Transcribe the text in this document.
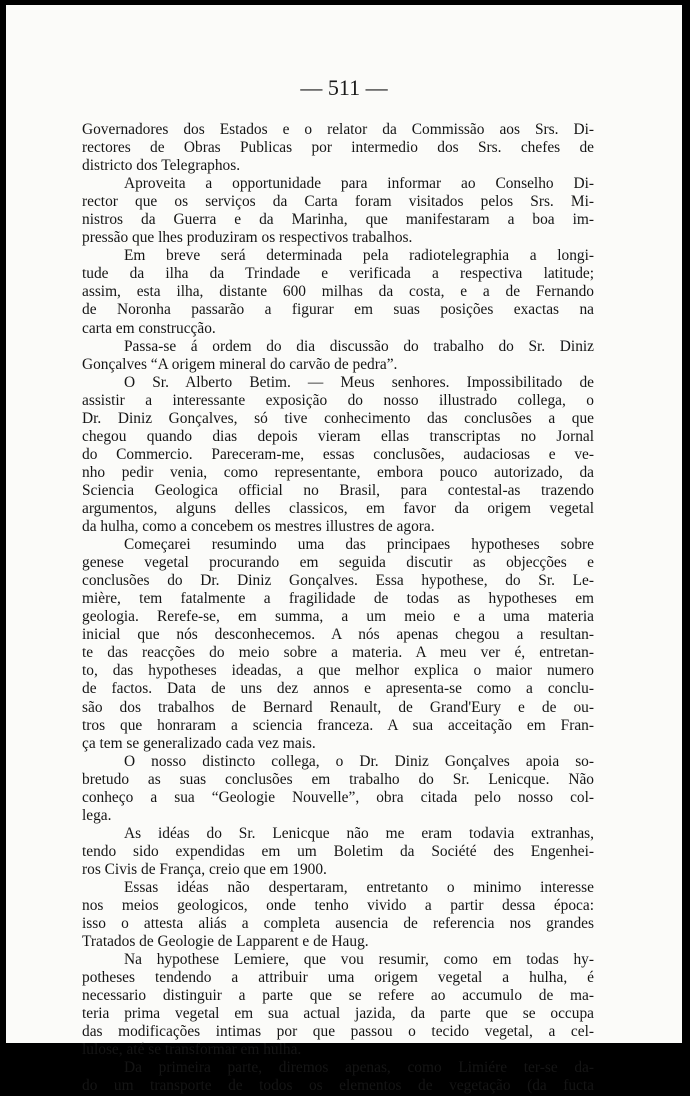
— 511 —
Governadores dos Estados e o relator da Commissão aos Srs. Di-
rectores de Obras Publicas por intermedio dos Srs. chefes de
districto dos Telegraphos.
Aproveita a opportunidade para informar ao Conselho Di-
rector que os serviços da Carta foram visitados pelos Srs. Mi-
nistros da Guerra e da Marinha, que manifestaram a boa im-
pressão que lhes produziram os respectivos trabalhos.
Em breve será determinada pela radiotelegraphia a longi-
tude da ilha da Trindade e verificada a respectiva latitude;
assim, esta ilha, distante 600 milhas da costa, e a de Fernando
de Noronha passarão a figurar em suas posições exactas na
carta em construcção.
Passa-se á ordem do dia discussão do trabalho do Sr. Diniz
Gonçalves “A origem mineral do carvão de pedra”.
O Sr. Alberto Betim. — Meus senhores. Impossibilitado de
assistir a interessante exposição do nosso illustrado collega, o
Dr. Diniz Gonçalves, só tive conhecimento das conclusões a que
chegou quando dias depois vieram ellas transcriptas no Jornal
do Commercio. Pareceram-me, essas conclusões, audaciosas e ve-
nho pedir venia, como representante, embora pouco autorizado, da
Sciencia Geologica official no Brasil, para contestal-as trazendo
argumentos, alguns delles classicos, em favor da origem vegetal
da hulha, como a concebem os mestres illustres de agora.
Começarei resumindo uma das principaes hypotheses sobre
genese vegetal procurando em seguida discutir as objecções e
conclusões do Dr. Diniz Gonçalves. Essa hypothese, do Sr. Le-
mière, tem fatalmente a fragilidade de todas as hypotheses em
geologia. Rerefe-se, em summa, a um meio e a uma materia
inicial que nós desconhecemos. A nós apenas chegou a resultan-
te das reacções do meio sobre a materia. A meu ver é, entretan-
to, das hypotheses ideadas, a que melhor explica o maior numero
de factos. Data de uns dez annos e apresenta-se como a conclu-
são dos trabalhos de Bernard Renault, de Grand'Eury e de ou-
tros que honraram a sciencia franceza. A sua acceitação em Fran-
ça tem se generalizado cada vez mais.
O nosso distincto collega, o Dr. Diniz Gonçalves apoia so-
bretudo as suas conclusões em trabalho do Sr. Lenicque. Não
conheço a sua “Geologie Nouvelle”, obra citada pelo nosso col-
lega.
As idéas do Sr. Lenicque não me eram todavia extranhas,
tendo sido expendidas em um Boletim da Société des Engenhei-
ros Civis de França, creio que em 1900.
Essas idéas não despertaram, entretanto o minimo interesse
nos meios geologicos, onde tenho vivido a partir dessa época:
isso o attesta aliás a completa ausencia de referencia nos grandes
Tratados de Geologie de Lapparent e de Haug.
Na hypothese Lemiere, que vou resumir, como em todas hy-
potheses tendendo a attribuir uma origem vegetal a hulha, é
necessario distinguir a parte que se refere ao accumulo de ma-
teria prima vegetal em sua actual jazida, da parte que se occupa
das modificações intimas por que passou o tecido vegetal, a cel-
lulose, até se transformar em hulha.
Da primeira parte, diremos apenas, como Limiére ter-se da-
do um transporte de todos os elementos de vegetação (da fucta
